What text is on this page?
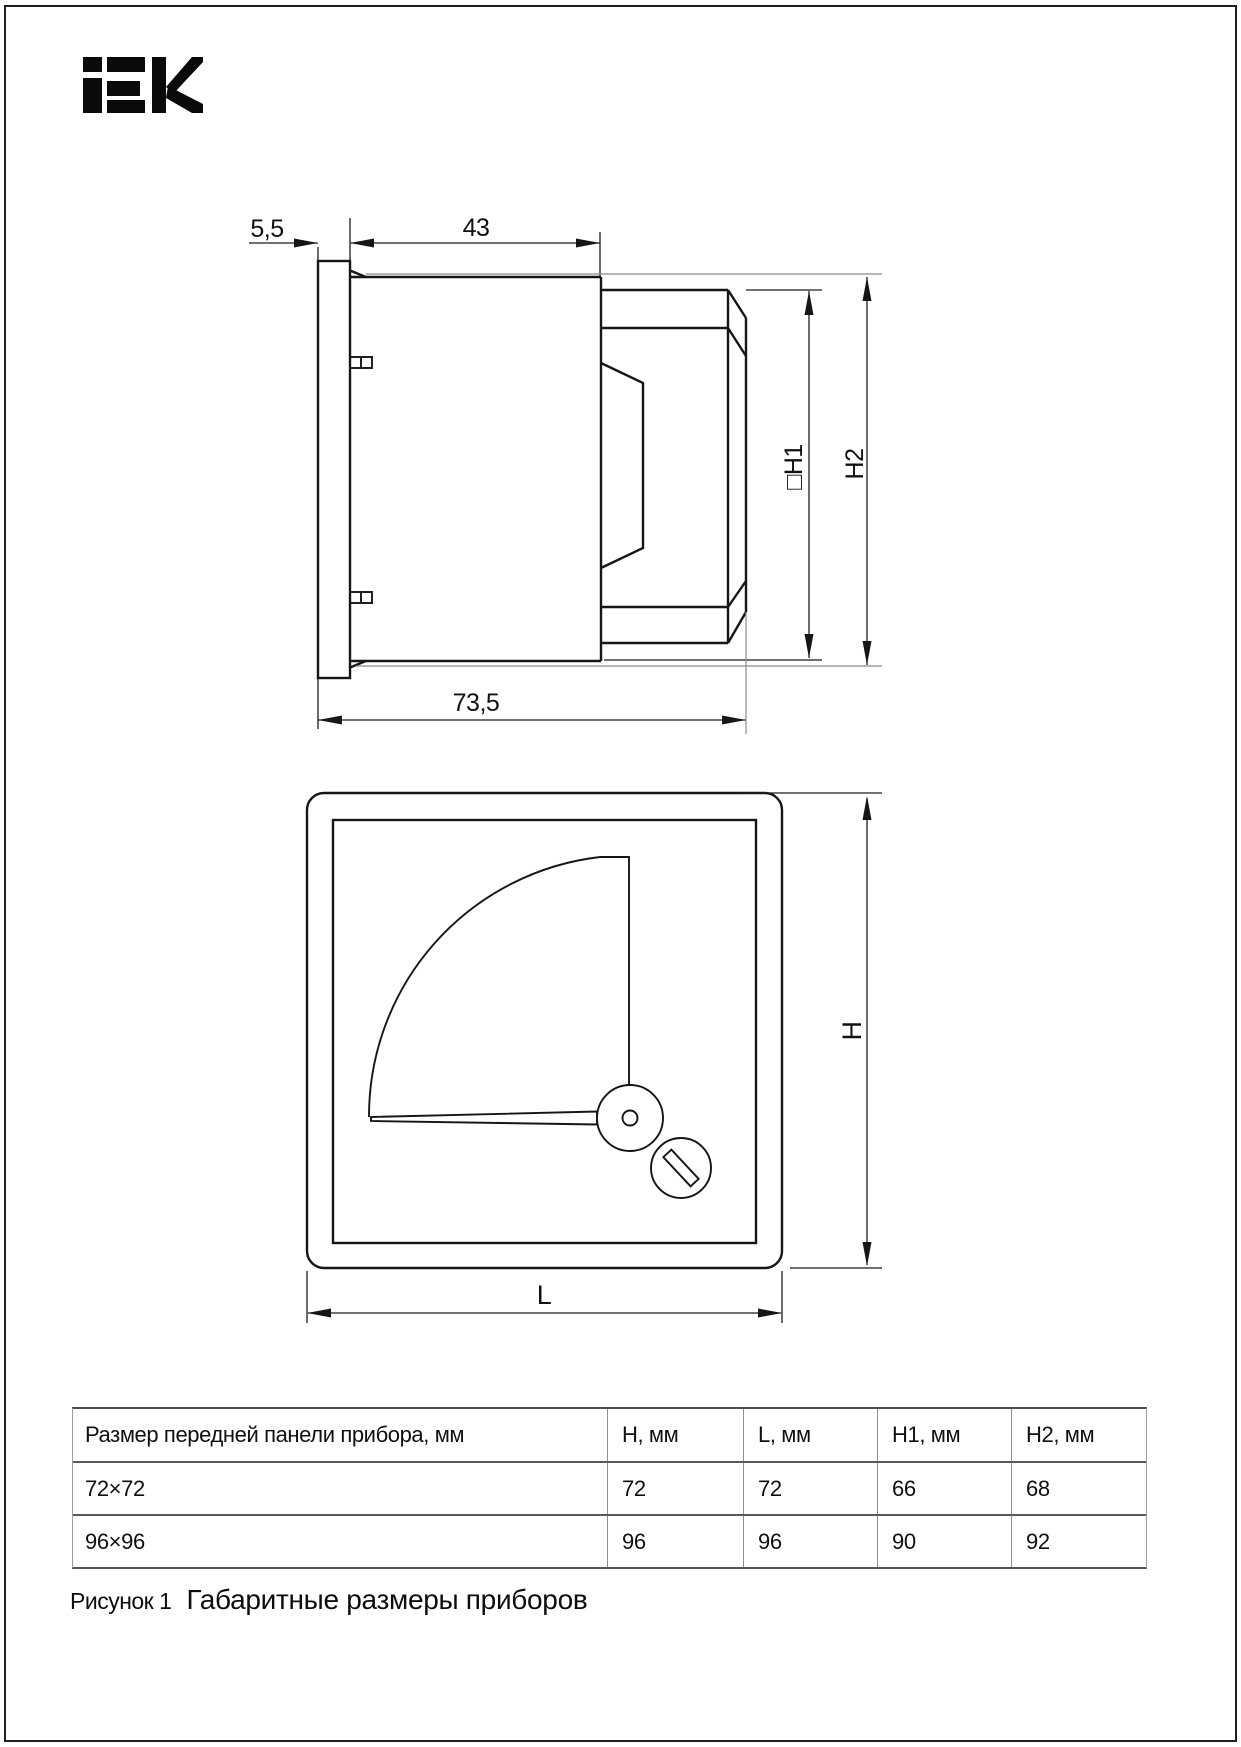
5,5	43
73,5
□H1 H2
H
L
Размер передней панели прибора, мм	H, мм	L, мм	H1, мм	H2, мм
72×72	72	72	66	68
96×96	96	96	90	92
Рисунок 1 Габаритные размеры приборов
